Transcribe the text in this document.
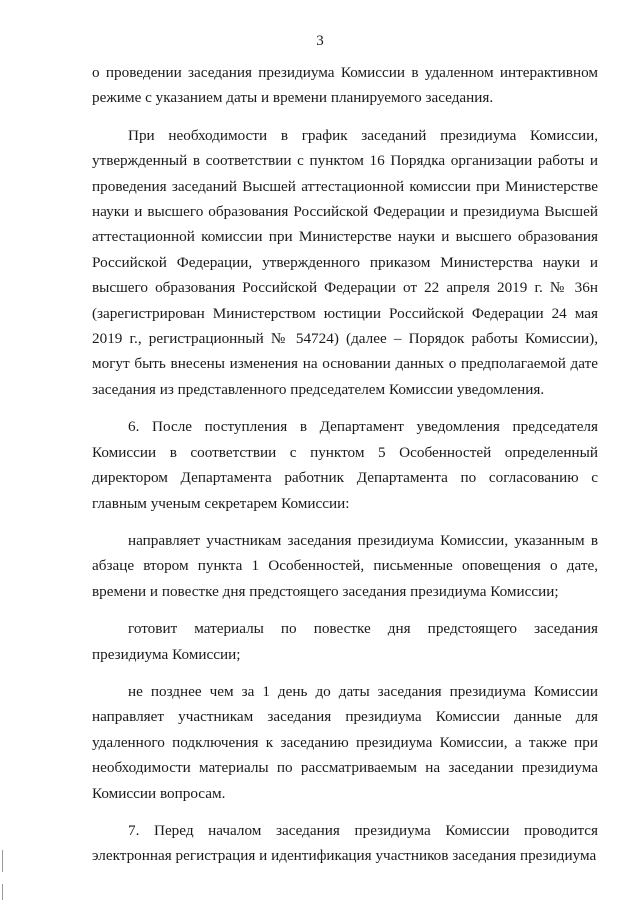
3

о проведении заседания президиума Комиссии в удаленном интерактивном режиме с указанием даты и времени планируемого заседания.

При необходимости в график заседаний президиума Комиссии, утвержденный в соответствии с пунктом 16 Порядка организации работы и проведения заседаний Высшей аттестационной комиссии при Министерстве науки и высшего образования Российской Федерации и президиума Высшей аттестационной комиссии при Министерстве науки и высшего образования Российской Федерации, утвержденного приказом Министерства науки и высшего образования Российской Федерации от 22 апреля 2019 г. № 36н (зарегистрирован Министерством юстиции Российской Федерации 24 мая 2019 г., регистрационный № 54724) (далее – Порядок работы Комиссии), могут быть внесены изменения на основании данных о предполагаемой дате заседания из представленного председателем Комиссии уведомления.

6. После поступления в Департамент уведомления председателя Комиссии в соответствии с пунктом 5 Особенностей определенный директором Департамента работник Департамента по согласованию с главным ученым секретарем Комиссии:

направляет участникам заседания президиума Комиссии, указанным в абзаце втором пункта 1 Особенностей, письменные оповещения о дате, времени и повестке дня предстоящего заседания президиума Комиссии;

готовит материалы по повестке дня предстоящего заседания президиума Комиссии;

не позднее чем за 1 день до даты заседания президиума Комиссии направляет участникам заседания президиума Комиссии данные для удаленного подключения к заседанию президиума Комиссии, а также при необходимости материалы по рассматриваемым на заседании президиума Комиссии вопросам.

7. Перед началом заседания президиума Комиссии проводится электронная регистрация и идентификация участников заседания президиума
